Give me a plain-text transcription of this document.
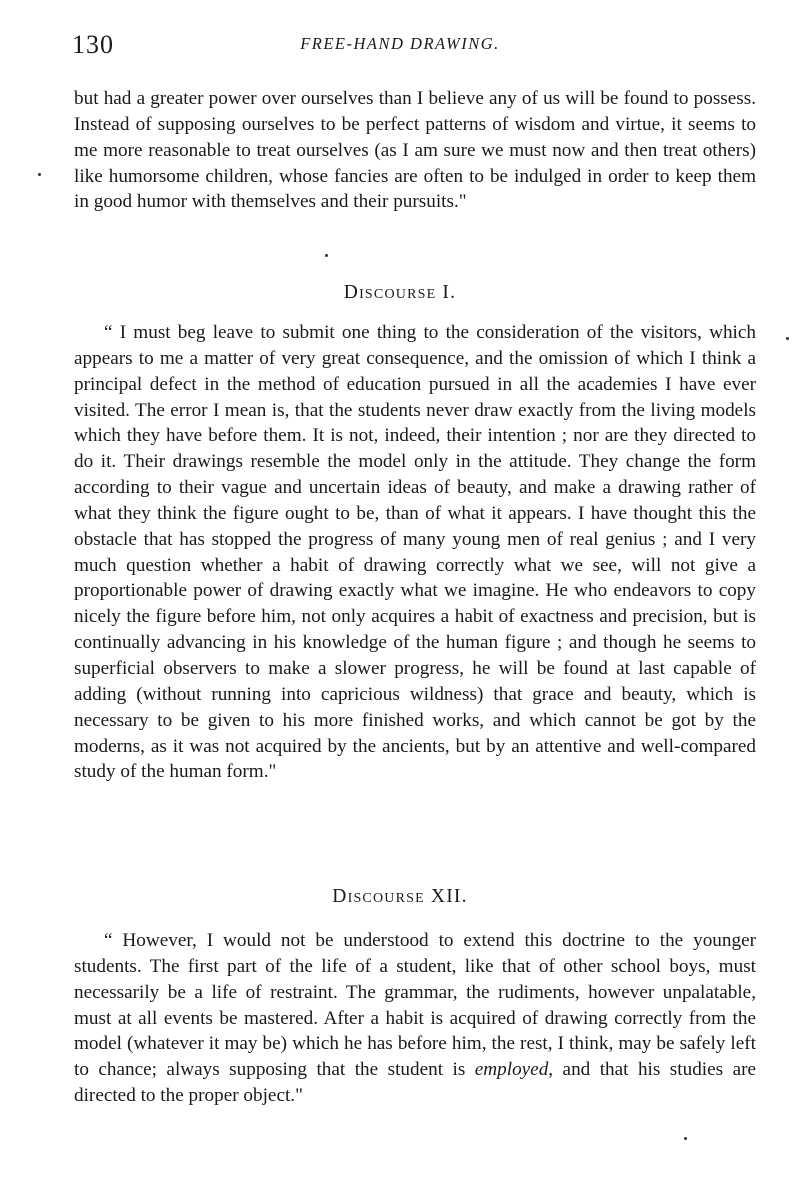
130	FREE-HAND DRAWING.

but had a greater power over ourselves than I believe any of us will be found to possess. Instead of supposing ourselves to be perfect patterns of wisdom and virtue, it seems to me more reasonable to treat ourselves (as I am sure we must now and then treat others) like humorsome children, whose fancies are often to be indulged in order to keep them in good humor with themselves and their pursuits."

Discourse I.

“ I must beg leave to submit one thing to the consideration of the visitors, which appears to me a matter of very great consequence, and the omission of which I think a principal defect in the method of education pursued in all the academies I have ever visited. The error I mean is, that the students never draw exactly from the living models which they have before them. It is not, indeed, their intention ; nor are they directed to do it. Their drawings resemble the model only in the attitude. They change the form according to their vague and uncertain ideas of beauty, and make a drawing rather of what they think the figure ought to be, than of what it appears. I have thought this the obstacle that has stopped the progress of many young men of real genius ; and I very much question whether a habit of drawing correctly what we see, will not give a proportionable power of drawing exactly what we imagine. He who endeavors to copy nicely the figure before him, not only acquires a habit of exactness and precision, but is continually advancing in his knowledge of the human figure ; and though he seems to superficial observers to make a slower progress, he will be found at last capable of adding (without running into capricious wildness) that grace and beauty, which is necessary to be given to his more finished works, and which cannot be got by the moderns, as it was not acquired by the ancients, but by an attentive and well-compared study of the human form."

Discourse XII.

“ However, I would not be understood to extend this doctrine to the younger students. The first part of the life of a student, like that of other school boys, must necessarily be a life of restraint. The grammar, the rudiments, however unpalatable, must at all events be mastered. After a habit is acquired of drawing correctly from the model (whatever it may be) which he has before him, the rest, I think, may be safely left to chance; always supposing that the student is employed, and that his studies are directed to the proper object."
